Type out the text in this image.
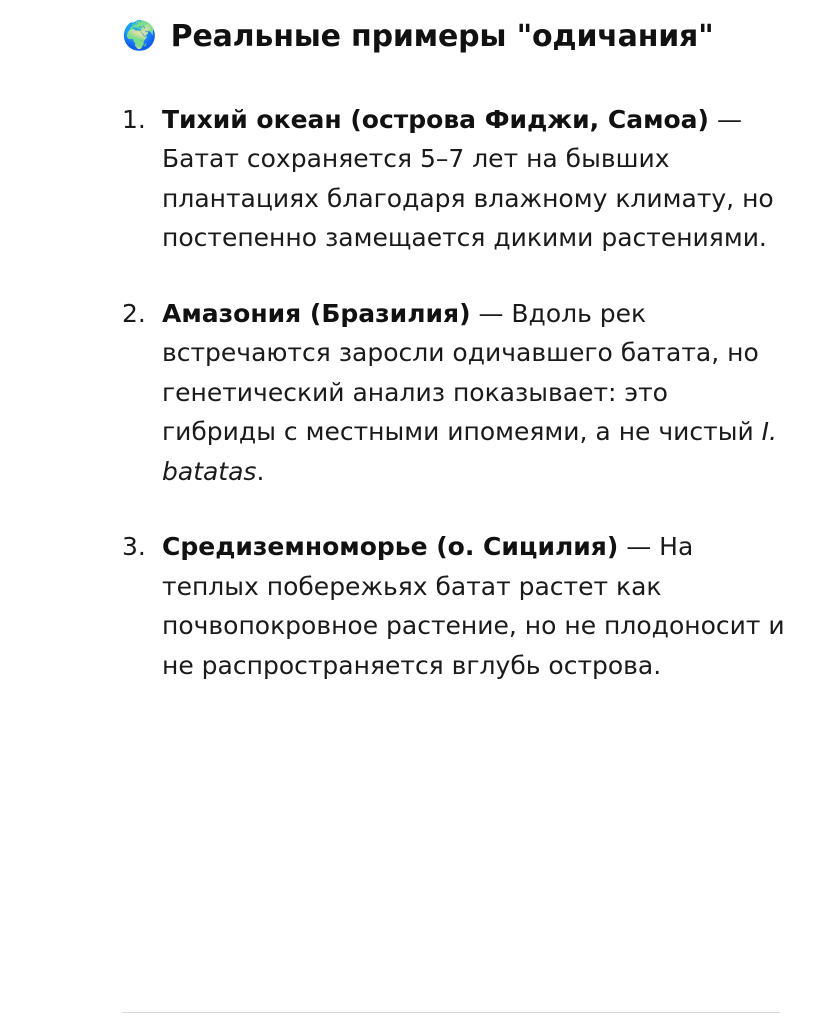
🌍 Реальные примеры "одичания"
1. Тихий океан (острова Фиджи, Самоа) — Батат сохраняется 5–7 лет на бывших плантациях благодаря влажному климату, но постепенно замещается дикими растениями.
2. Амазония (Бразилия) — Вдоль рек встречаются заросли одичавшего батата, но генетический анализ показывает: это гибриды с местными ипомеями, а не чистый I. batatas.
3. Средиземноморье (о. Сицилия) — На теплых побережьях батат растет как почвопокровное растение, но не плодоносит и не распространяется вглубь острова.
